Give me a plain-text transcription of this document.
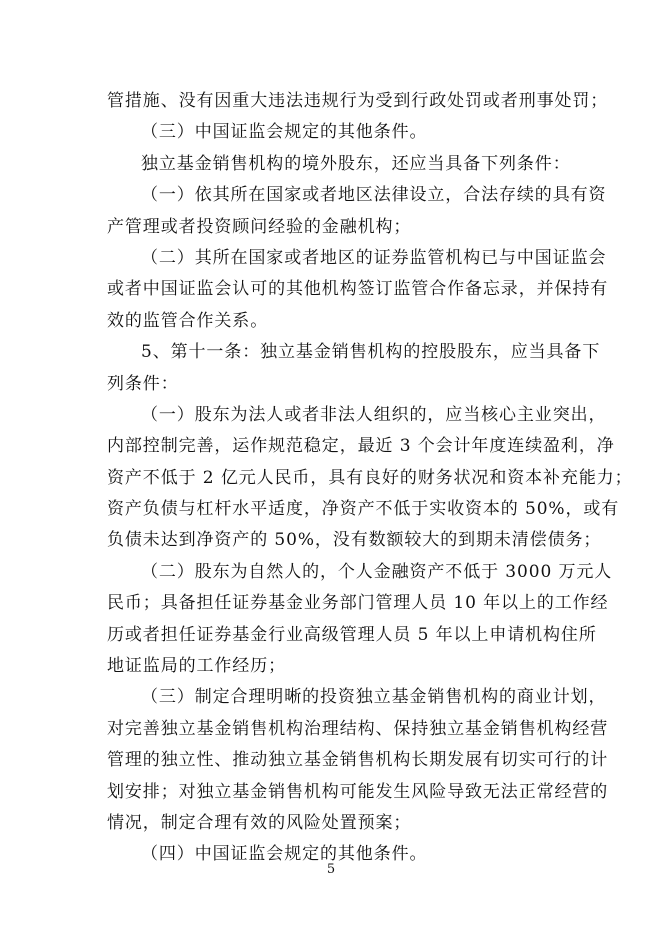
管措施、没有因重大违法违规行为受到行政处罚或者刑事处罚；
（三）中国证监会规定的其他条件。
独立基金销售机构的境外股东，还应当具备下列条件：
（一）依其所在国家或者地区法律设立，合法存续的具有资
产管理或者投资顾问经验的金融机构；
（二）其所在国家或者地区的证券监管机构已与中国证监会
或者中国证监会认可的其他机构签订监管合作备忘录，并保持有
效的监管合作关系。
5、第十一条：独立基金销售机构的控股股东，应当具备下
列条件：
（一）股东为法人或者非法人组织的，应当核心主业突出，
内部控制完善，运作规范稳定，最近 3 个会计年度连续盈利，净
资产不低于 2 亿元人民币，具有良好的财务状况和资本补充能力；
资产负债与杠杆水平适度，净资产不低于实收资本的 50%，或有
负债未达到净资产的 50%，没有数额较大的到期未清偿债务；
（二）股东为自然人的，个人金融资产不低于 3000 万元人
民币；具备担任证券基金业务部门管理人员 10 年以上的工作经
历或者担任证券基金行业高级管理人员 5 年以上申请机构住所
地证监局的工作经历；
（三）制定合理明晰的投资独立基金销售机构的商业计划，
对完善独立基金销售机构治理结构、保持独立基金销售机构经营
管理的独立性、推动独立基金销售机构长期发展有切实可行的计
划安排；对独立基金销售机构可能发生风险导致无法正常经营的
情况，制定合理有效的风险处置预案；
（四）中国证监会规定的其他条件。
5
